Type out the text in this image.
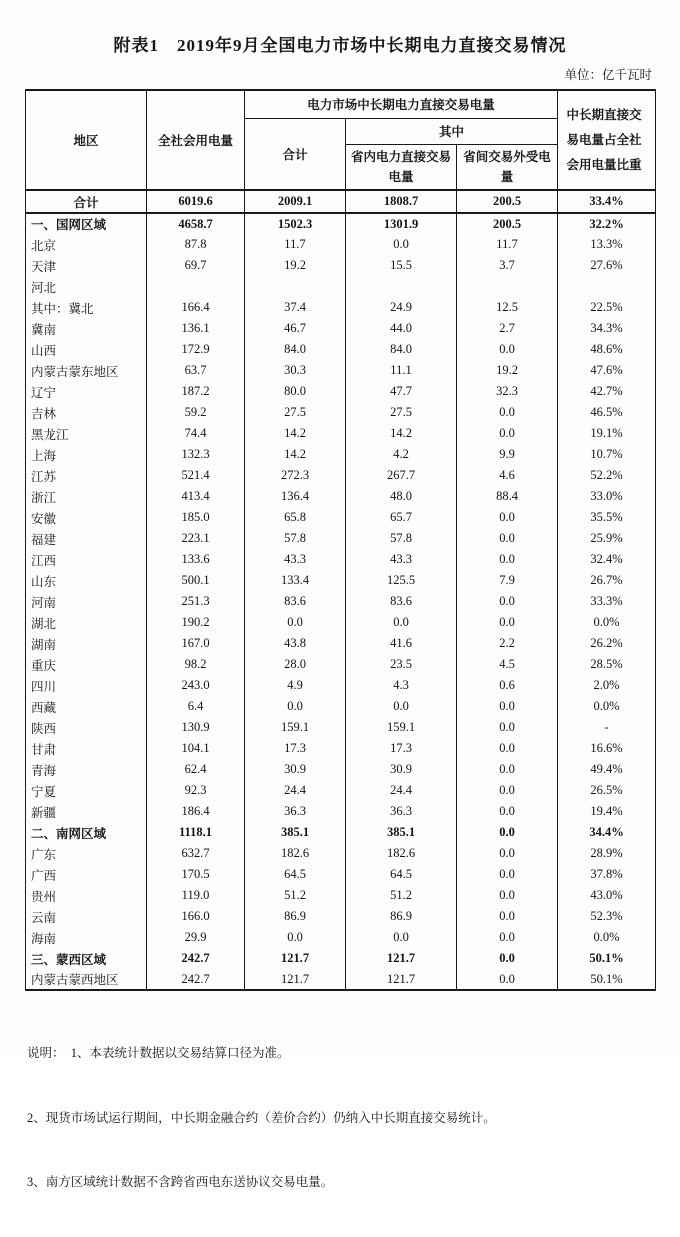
附表1　2019年9月全国电力市场中长期电力直接交易情况
单位：亿千瓦时
地区	全社会用电量	电力市场中长期电力直接交易电量			中长期直接交易电量占全社会用电量比重

		合计	其中		

			省内电力直接交易电量	省间交易外受电量	

合计	6019.6	2009.1	1808.7	200.5	33.4%
一、国网区域	4658.7	1502.3	1301.9	200.5	32.2%
北京	87.8	11.7	0.0	11.7	13.3%
天津	69.7	19.2	15.5	3.7	27.6%
河北					
其中：冀北	166.4	37.4	24.9	12.5	22.5%
冀南	136.1	46.7	44.0	2.7	34.3%
山西	172.9	84.0	84.0	0.0	48.6%
内蒙古蒙东地区	63.7	30.3	11.1	19.2	47.6%
辽宁	187.2	80.0	47.7	32.3	42.7%
吉林	59.2	27.5	27.5	0.0	46.5%
黑龙江	74.4	14.2	14.2	0.0	19.1%
上海	132.3	14.2	4.2	9.9	10.7%
江苏	521.4	272.3	267.7	4.6	52.2%
浙江	413.4	136.4	48.0	88.4	33.0%
安徽	185.0	65.8	65.7	0.0	35.5%
福建	223.1	57.8	57.8	0.0	25.9%
江西	133.6	43.3	43.3	0.0	32.4%
山东	500.1	133.4	125.5	7.9	26.7%
河南	251.3	83.6	83.6	0.0	33.3%
湖北	190.2	0.0	0.0	0.0	0.0%
湖南	167.0	43.8	41.6	2.2	26.2%
重庆	98.2	28.0	23.5	4.5	28.5%
四川	243.0	4.9	4.3	0.6	2.0%
西藏	6.4	0.0	0.0	0.0	0.0%
陕西	130.9	159.1	159.1	0.0	-
甘肃	104.1	17.3	17.3	0.0	16.6%
青海	62.4	30.9	30.9	0.0	49.4%
宁夏	92.3	24.4	24.4	0.0	26.5%
新疆	186.4	36.3	36.3	0.0	19.4%
二、南网区域	1118.1	385.1	385.1	0.0	34.4%
广东	632.7	182.6	182.6	0.0	28.9%
广西	170.5	64.5	64.5	0.0	37.8%
贵州	119.0	51.2	51.2	0.0	43.0%
云南	166.0	86.9	86.9	0.0	52.3%
海南	29.9	0.0	0.0	0.0	0.0%
三、蒙西区域	242.7	121.7	121.7	0.0	50.1%
内蒙古蒙西地区	242.7	121.7	121.7	0.0	50.1%

说明：  1、本表统计数据以交易结算口径为准。

2、现货市场试运行期间，中长期金融合约（差价合约）仍纳入中长期直接交易统计。

3、南方区域统计数据不含跨省西电东送协议交易电量。
